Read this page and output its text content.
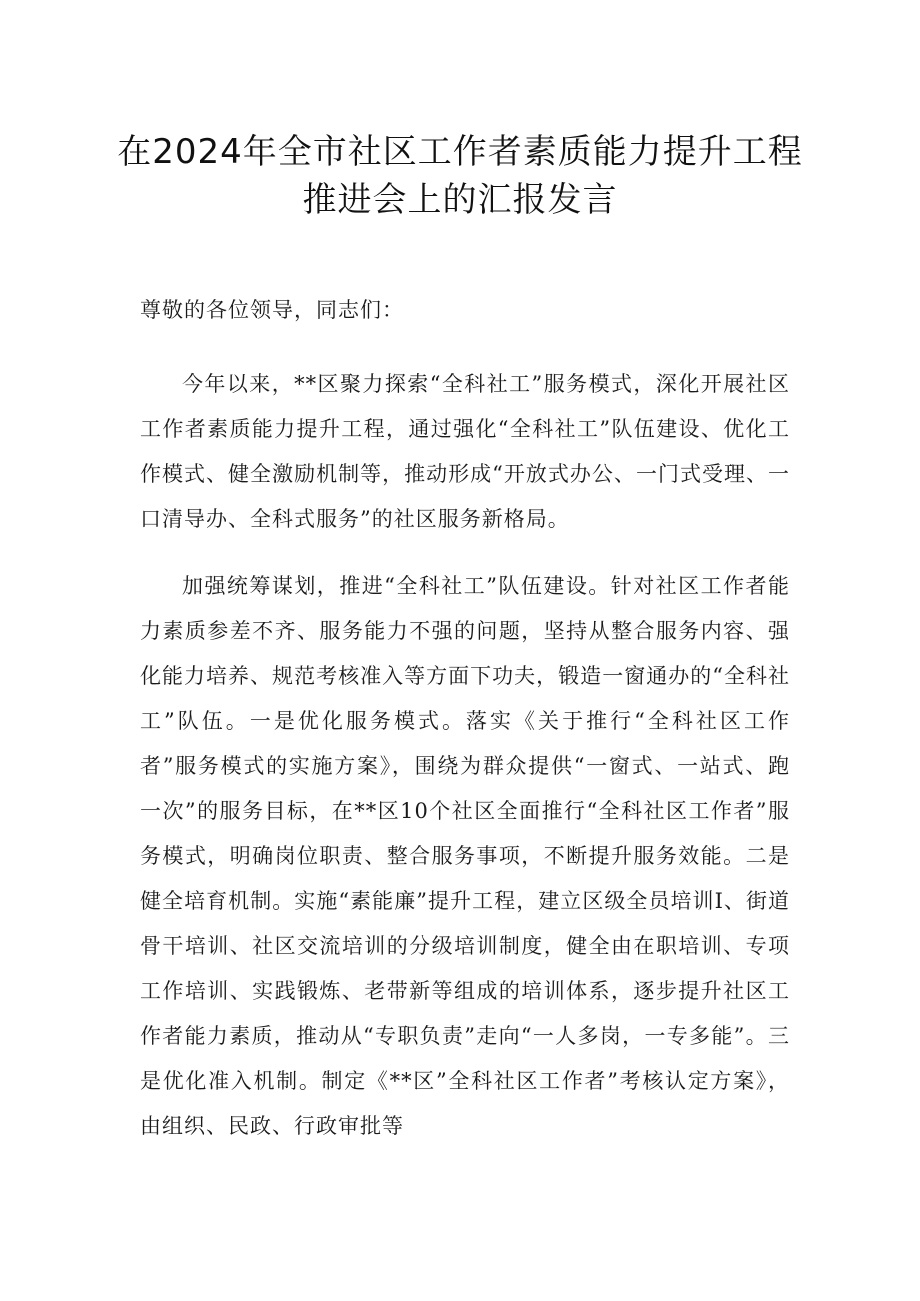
在2024年全市社区工作者素质能力提升工程推进会上的汇报发言

尊敬的各位领导，同志们：

今年以来，**区聚力探索“全科社工”服务模式，深化开展社区工作者素质能力提升工程，通过强化“全科社工”队伍建设、优化工作模式、健全激励机制等，推动形成“开放式办公、一门式受理、一口清导办、全科式服务”的社区服务新格局。

加强统筹谋划，推进“全科社工”队伍建设。针对社区工作者能力素质参差不齐、服务能力不强的问题，坚持从整合服务内容、强化能力培养、规范考核准入等方面下功夫，锻造一窗通办的“全科社工”队伍。一是优化服务模式。落实《关于推行“全科社区工作者”服务模式的实施方案》，围绕为群众提供“一窗式、一站式、跑一次”的服务目标，在**区10个社区全面推行“全科社区工作者”服务模式，明确岗位职责、整合服务事项，不断提升服务效能。二是健全培育机制。实施“素能廉”提升工程，建立区级全员培训I、街道骨干培训、社区交流培训的分级培训制度，健全由在职培训、专项工作培训、实践锻炼、老带新等组成的培训体系，逐步提升社区工作者能力素质，推动从“专职负责”走向“一人多岗，一专多能”。三是优化准入机制。制定《**区”全科社区工作者”考核认定方案》，由组织、民政、行政审批等
